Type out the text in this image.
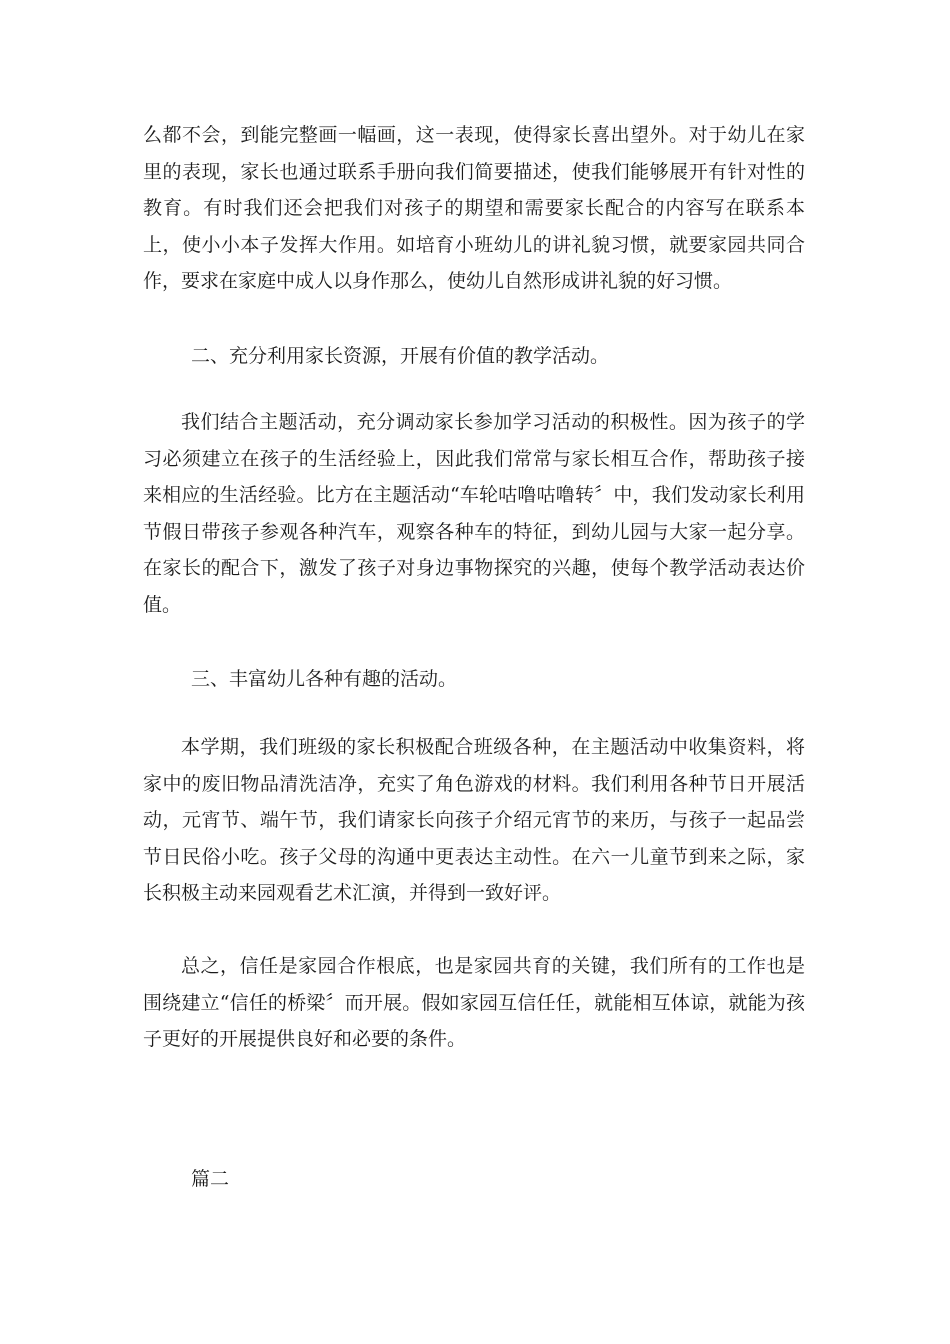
么都不会，到能完整画一幅画，这一表现，使得家长喜出望外。对于幼儿在家里的表现，家长也通过联系手册向我们简要描述，使我们能够展开有针对性的教育。有时我们还会把我们对孩子的期望和需要家长配合的内容写在联系本上，使小小本子发挥大作用。如培育小班幼儿的讲礼貌习惯，就要家园共同合作，要求在家庭中成人以身作那么，使幼儿自然形成讲礼貌的好习惯。

二、充分利用家长资源，开展有价值的教学活动。

我们结合主题活动，充分调动家长参加学习活动的积极性。因为孩子的学习必须建立在孩子的生活经验上，因此我们常常与家长相互合作，帮助孩子接来相应的生活经验。比方在主题活动“车轮咕噜咕噜转〞中，我们发动家长利用节假日带孩子参观各种汽车，观察各种车的特征，到幼儿园与大家一起分享。在家长的配合下，激发了孩子对身边事物探究的兴趣，使每个教学活动表达价值。

三、丰富幼儿各种有趣的活动。

本学期，我们班级的家长积极配合班级各种，在主题活动中收集资料，将家中的废旧物品清洗洁净，充实了角色游戏的材料。我们利用各种节日开展活动，元宵节、端午节，我们请家长向孩子介绍元宵节的来历，与孩子一起品尝节日民俗小吃。孩子父母的沟通中更表达主动性。在六一儿童节到来之际，家长积极主动来园观看艺术汇演，并得到一致好评。

总之，信任是家园合作根底，也是家园共育的关键，我们所有的工作也是围绕建立“信任的桥梁〞而开展。假如家园互信任任，就能相互体谅，就能为孩子更好的开展提供良好和必要的条件。

篇二
